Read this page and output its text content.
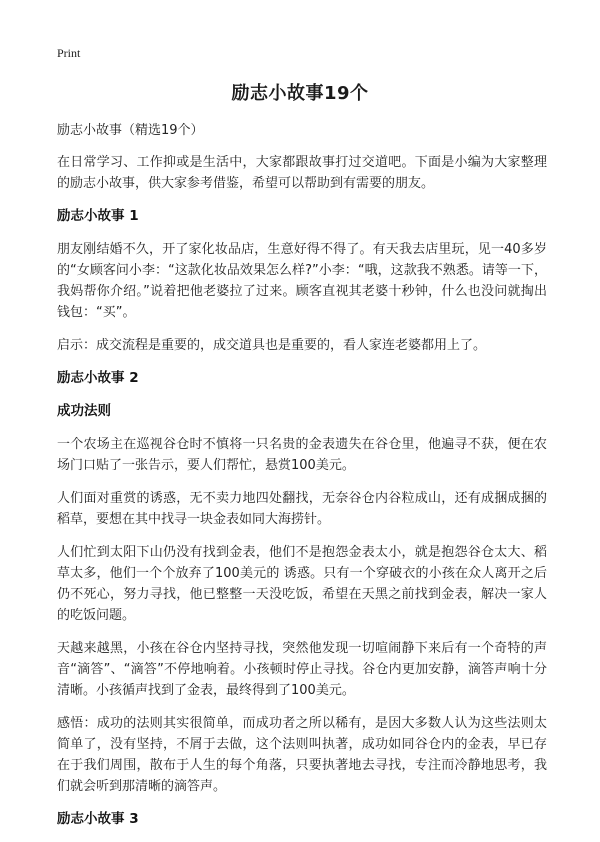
Print
励志小故事19个
励志小故事（精选19个）
在日常学习、工作抑或是生活中，大家都跟故事打过交道吧。下面是小编为大家整理的励志小故事，供大家参考借鉴，希望可以帮助到有需要的朋友。
励志小故事 1
朋友刚结婚不久，开了家化妆品店，生意好得不得了。有天我去店里玩，见一40多岁的“女顾客问小李：“这款化妆品效果怎么样?”小李：“哦，这款我不熟悉。请等一下，我妈帮你介绍。”说着把他老婆拉了过来。顾客直视其老婆十秒钟，什么也没问就掏出钱包：“买”。
启示：成交流程是重要的，成交道具也是重要的，看人家连老婆都用上了。
励志小故事 2
成功法则
一个农场主在巡视谷仓时不慎将一只名贵的金表遗失在谷仓里，他遍寻不获，便在农场门口贴了一张告示，要人们帮忙，悬赏100美元。
人们面对重赏的诱惑，无不卖力地四处翻找，无奈谷仓内谷粒成山，还有成捆成捆的稻草，要想在其中找寻一块金表如同大海捞针。
人们忙到太阳下山仍没有找到金表，他们不是抱怨金表太小，就是抱怨谷仓太大、稻草太多，他们一个个放弃了100美元的 诱惑。只有一个穿破衣的小孩在众人离开之后仍不死心，努力寻找，他已整整一天没吃饭，希望在天黑之前找到金表，解决一家人的吃饭问题。
天越来越黑，小孩在谷仓内坚持寻找，突然他发现一切喧闹静下来后有一个奇特的声音“滴答”、“滴答”不停地响着。小孩顿时停止寻找。谷仓内更加安静，滴答声响十分清晰。小孩循声找到了金表，最终得到了100美元。
感悟：成功的法则其实很简单，而成功者之所以稀有，是因大多数人认为这些法则太简单了，没有坚持，不屑于去做，这个法则叫执著，成功如同谷仓内的金表，早已存在于我们周围，散布于人生的每个角落，只要执著地去寻找，专注而冷静地思考，我们就会听到那清晰的滴答声。
励志小故事 3
